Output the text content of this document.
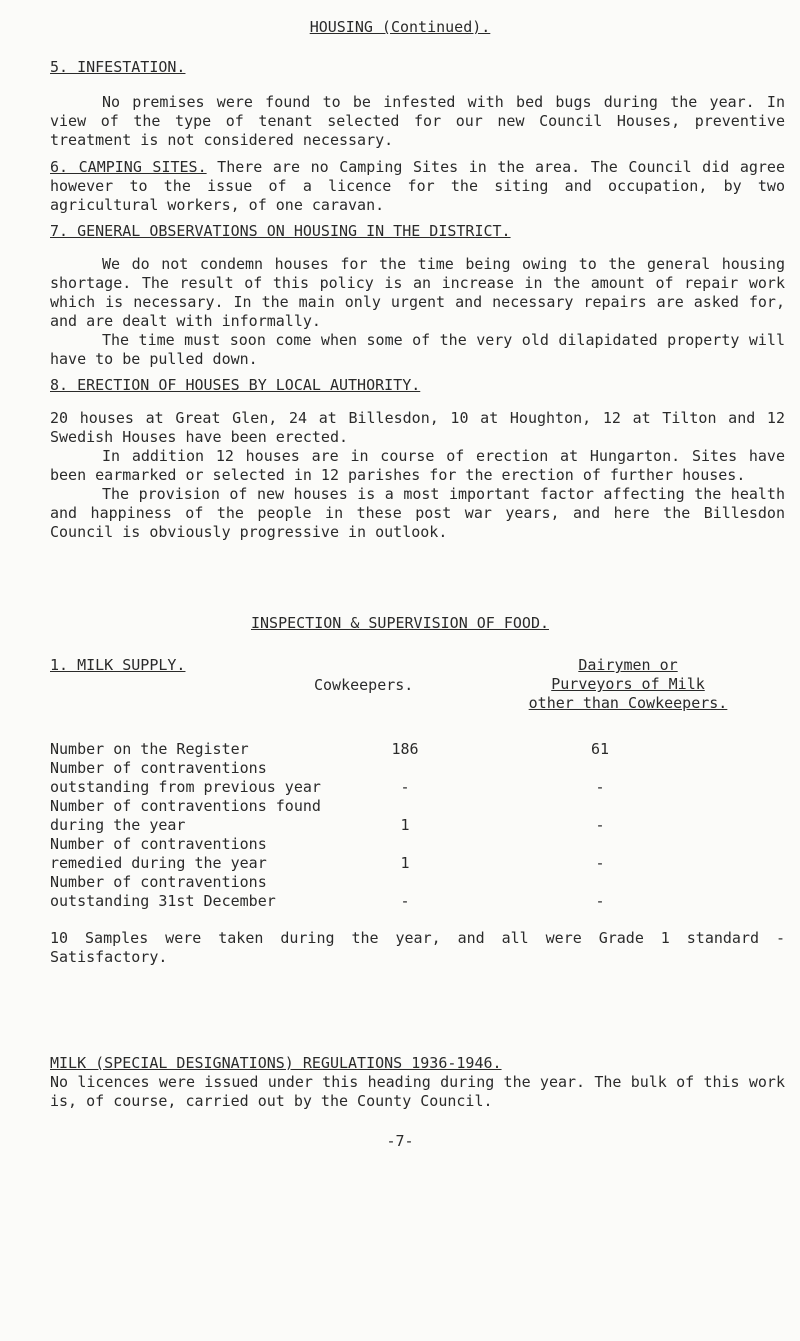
HOUSING (Continued).

5. INFESTATION.

No premises were found to be infested with bed bugs during the year. In view of the type of tenant selected for our new Council Houses, preventive treatment is not considered necessary.

6. CAMPING SITES. There are no Camping Sites in the area. The Council did agree however to the issue of a licence for the siting and occupation, by two agricultural workers, of one caravan.

7. GENERAL OBSERVATIONS ON HOUSING IN THE DISTRICT.

We do not condemn houses for the time being owing to the general housing shortage. The result of this policy is an increase in the amount of repair work which is necessary. In the main only urgent and necessary repairs are asked for, and are dealt with informally.

The time must soon come when some of the very old dilapidated property will have to be pulled down.

8. ERECTION OF HOUSES BY LOCAL AUTHORITY.

20 houses at Great Glen, 24 at Billesdon, 10 at Houghton, 12 at Tilton and 12 Swedish Houses have been erected.

In addition 12 houses are in course of erection at Hungarton. Sites have been earmarked or selected in 12 parishes for the erection of further houses.

The provision of new houses is a most important factor affecting the health and happiness of the people in these post war years, and here the Billesdon Council is obviously progressive in outlook.

INSPECTION & SUPERVISION OF FOOD.
1. MILK SUPPLY.
Cowkeepers.
Dairymen or
Purveyors of Milk
other than Cowkeepers.
Number on the Register	186	61

Number of contraventions
outstanding from previous year	-	-

Number of contraventions found
during the year	1	-

Number of contraventions
remedied during the year	1	-

Number of contraventions
outstanding 31st December	-	-

10 Samples were taken during the year, and all were Grade 1 standard - Satisfactory.

MILK (SPECIAL DESIGNATIONS) REGULATIONS 1936-1946.

No licences were issued under this heading during the year. The bulk of this work is, of course, carried out by the County Council.

-7-
